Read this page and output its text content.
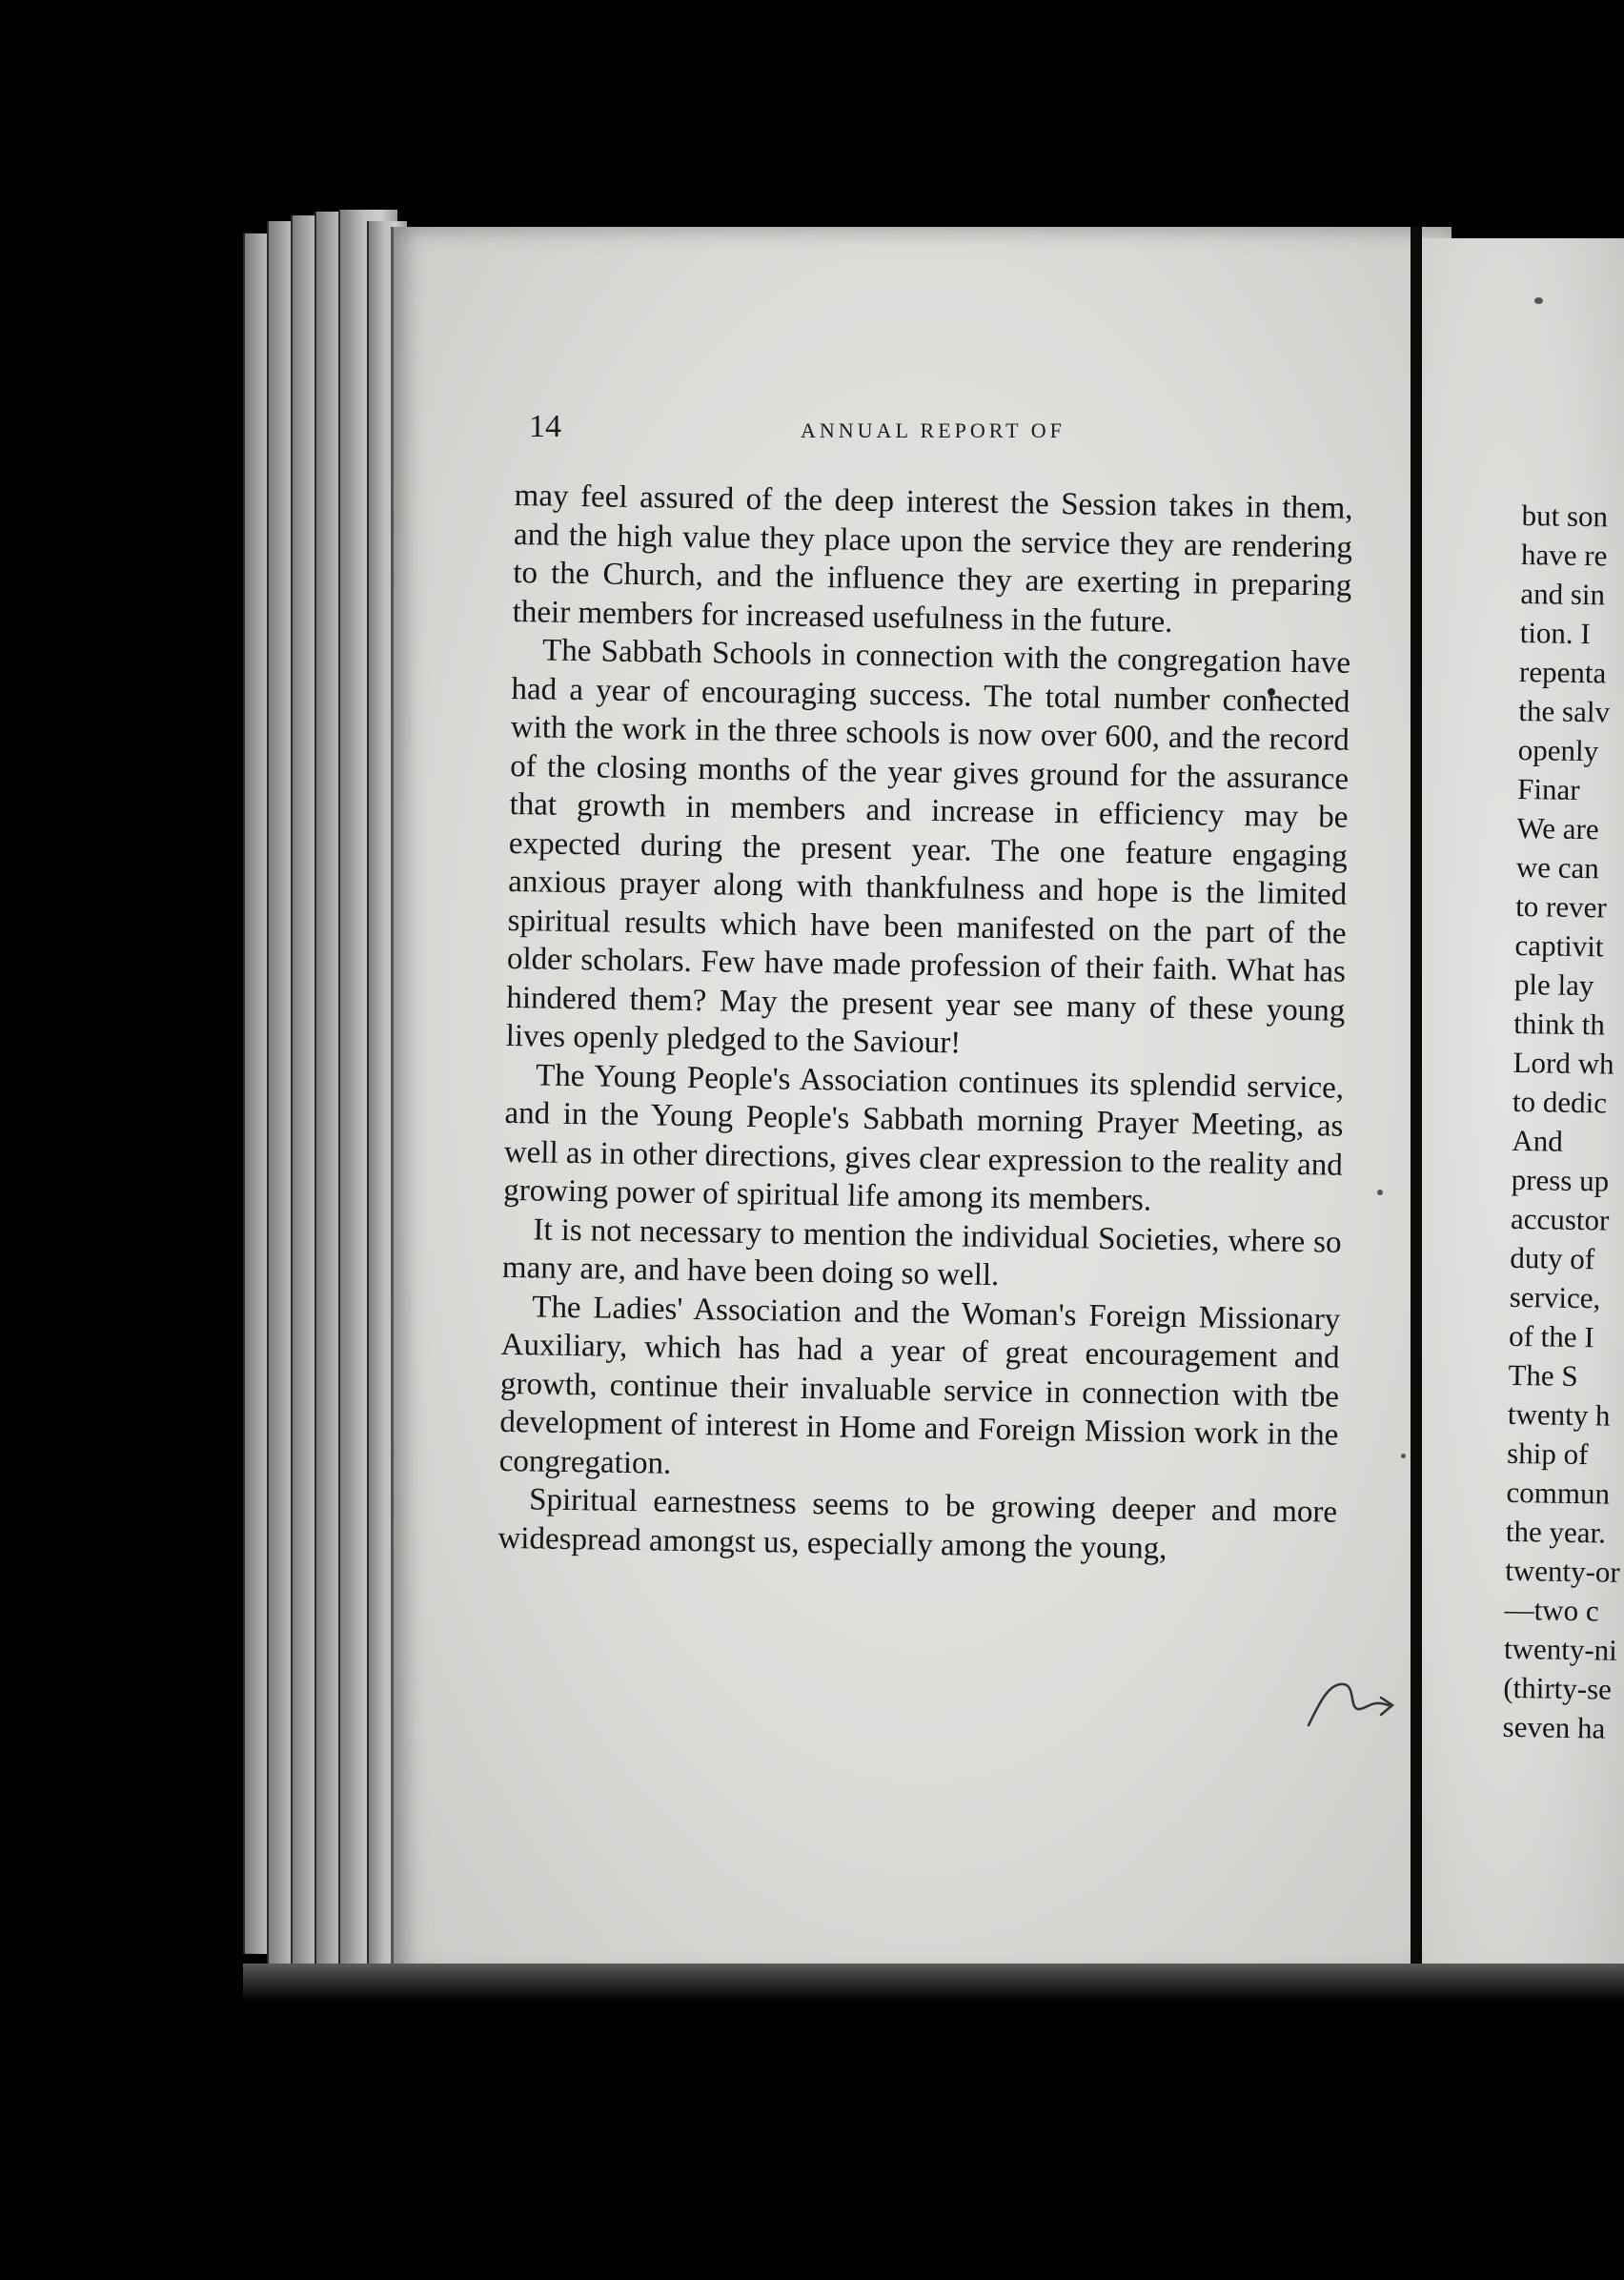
14	ANNUAL REPORT OF

may feel assured of the deep interest the Session takes in them, and the high value they place upon the service they are rendering to the Church, and the influence they are exerting in preparing their members for increased usefulness in the future.

The Sabbath Schools in connection with the congregation have had a year of encouraging success. The total number connected with the work in the three schools is now over 600, and the record of the closing months of the year gives ground for the assurance that growth in members and increase in efficiency may be expected during the present year. The one feature engaging anxious prayer along with thankfulness and hope is the limited spiritual results which have been manifested on the part of the older scholars. Few have made profession of their faith. What has hindered them? May the present year see many of these young lives openly pledged to the Saviour!

The Young People's Association continues its splendid service, and in the Young People's Sabbath morning Prayer Meeting, as well as in other directions, gives clear expression to the reality and growing power of spiritual life among its members.

It is not necessary to mention the individual Societies, where so many are, and have been doing so well.

The Ladies' Association and the Woman's Foreign Missionary Auxiliary, which has had a year of great encouragement and growth, continue their invaluable service in connection with tbe development of interest in Home and Foreign Mission work in the congregation.

Spiritual earnestness seems to be growing deeper and more widespread amongst us, especially among the young,

but son
have re
and sin
tion. I
repenta
the salv
openly
Finar
We are
we can
to rever
captivit
ple lay
think th
Lord wh
to dedic
And
press up
accustor
duty of
service,
of the I
The S
twenty h
ship of
commun
the year.
twenty-or
—two c
twenty-ni
(thirty-se
seven ha
